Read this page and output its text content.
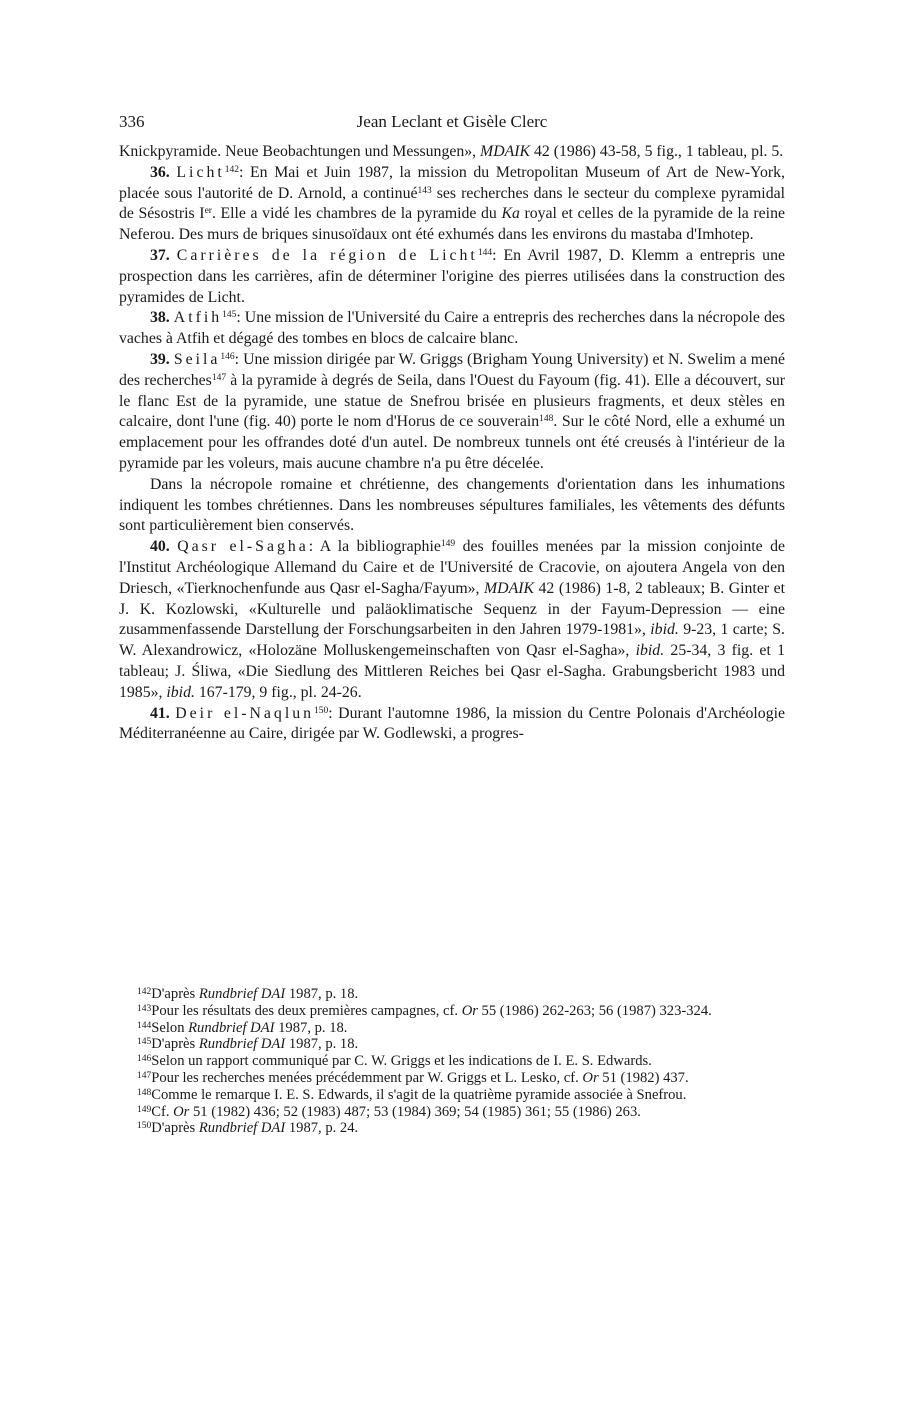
336	Jean Leclant et Gisèle Clerc

Knickpyramide. Neue Beobachtungen und Messungen», MDAIK 42 (1986) 43-58, 5 fig., 1 tableau, pl. 5.

36. Licht$^{142}$: En Mai et Juin 1987, la mission du Metropolitan Museum of Art de New-York, placée sous l'autorité de D. Arnold, a continué$^{143}$ ses recherches dans le secteur du complexe pyramidal de Sésostris Ier. Elle a vidé les chambres de la pyramide du Ka royal et celles de la pyramide de la reine Neferou. Des murs de briques sinusoïdaux ont été exhumés dans les environs du mastaba d'Imhotep.

37. Carrières de la région de Licht$^{144}$: En Avril 1987, D. Klemm a entrepris une prospection dans les carrières, afin de déterminer l'origine des pierres utilisées dans la construction des pyramides de Licht.

38. Atfih$^{145}$: Une mission de l'Université du Caire a entrepris des recherches dans la nécropole des vaches à Atfih et dégagé des tombes en blocs de calcaire blanc.

39. Seila$^{146}$: Une mission dirigée par W. Griggs (Brigham Young University) et N. Swelim a mené des recherches$^{147}$ à la pyramide à degrés de Seila, dans l'Ouest du Fayoum (fig. 41). Elle a découvert, sur le flanc Est de la pyramide, une statue de Snefrou brisée en plusieurs fragments, et deux stèles en calcaire, dont l'une (fig. 40) porte le nom d'Horus de ce souverain$^{148}$. Sur le côté Nord, elle a exhumé un emplacement pour les offrandes doté d'un autel. De nombreux tunnels ont été creusés à l'intérieur de la pyramide par les voleurs, mais aucune chambre n'a pu être décelée.

Dans la nécropole romaine et chrétienne, des changements d'orientation dans les inhumations indiquent les tombes chrétiennes. Dans les nombreuses sépultures familiales, les vêtements des défunts sont particulièrement bien conservés.

40. Qasr el-Sagha: A la bibliographie$^{149}$ des fouilles menées par la mission conjointe de l'Institut Archéologique Allemand du Caire et de l'Université de Cracovie, on ajoutera Angela von den Driesch, «Tierknochenfunde aus Qasr el-Sagha/Fayum», MDAIK 42 (1986) 1-8, 2 tableaux; B. Ginter et J. K. Kozlowski, «Kulturelle und paläoklimatische Sequenz in der Fayum-Depression — eine zusammenfassende Darstellung der Forschungsarbeiten in den Jahren 1979-1981», ibid. 9-23, 1 carte; S. W. Alexandrowicz, «Holozäne Molluskengemeinschaften von Qasr el-Sagha», ibid. 25-34, 3 fig. et 1 tableau; J. Śliwa, «Die Siedlung des Mittleren Reiches bei Qasr el-Sagha. Grabungsbericht 1983 und 1985», ibid. 167-179, 9 fig., pl. 24-26.

41. Deir el-Naqlun$^{150}$: Durant l'automne 1986, la mission du Centre Polonais d'Archéologie Méditerranéenne au Caire, dirigée par W. Godlewski, a progres-

$^{142}$D'après Rundbrief DAI 1987, p. 18.

$^{143}$Pour les résultats des deux premières campagnes, cf. Or 55 (1986) 262-263; 56 (1987) 323-324.

$^{144}$Selon Rundbrief DAI 1987, p. 18.

$^{145}$D'après Rundbrief DAI 1987, p. 18.

$^{146}$Selon un rapport communiqué par C. W. Griggs et les indications de I. E. S. Edwards.

$^{147}$Pour les recherches menées précédemment par W. Griggs et L. Lesko, cf. Or 51 (1982) 437.

$^{148}$Comme le remarque I. E. S. Edwards, il s'agit de la quatrième pyramide associée à Snefrou.

$^{149}$Cf. Or 51 (1982) 436; 52 (1983) 487; 53 (1984) 369; 54 (1985) 361; 55 (1986) 263.

$^{150}$D'après Rundbrief DAI 1987, p. 24.
